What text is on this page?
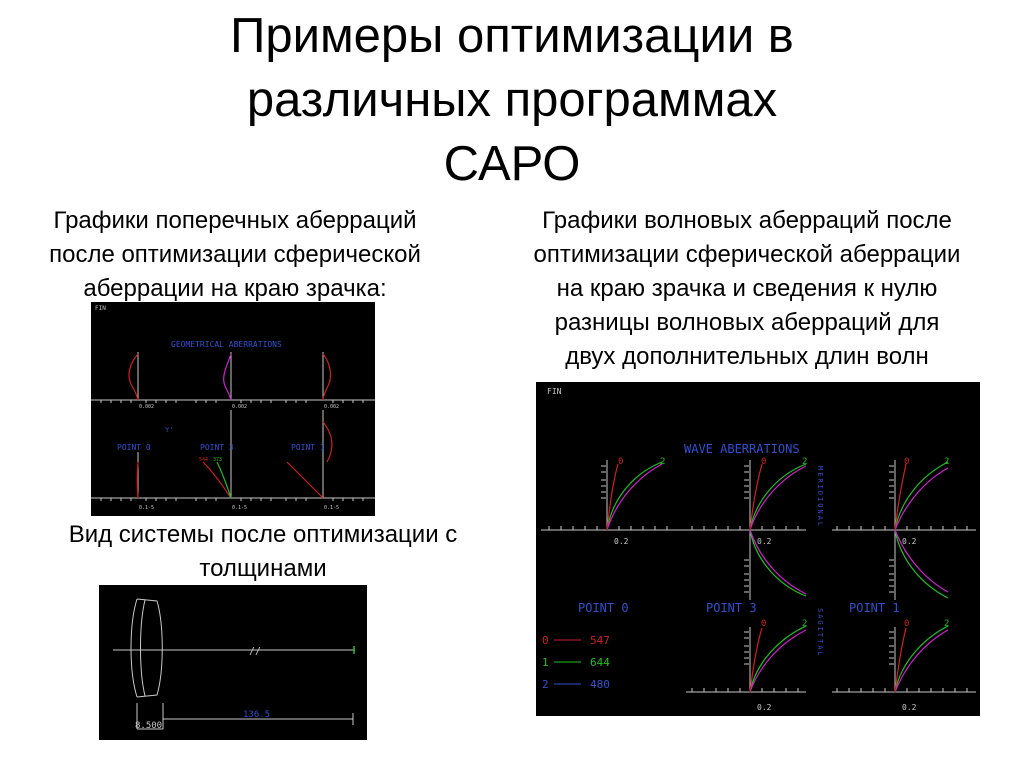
Примеры оптимизации в
различных программах
САРО
Графики поперечных аберраций
после оптимизации сферической
аберрации на краю зрачка:
Графики волновых аберраций после
оптимизации сферической аберрации
на краю зрачка и сведения к нулю
разницы волновых аберраций для
двух дополнительных длин волн
Вид системы после оптимизации с
толщинами
FIN
GEOMETRICAL ABERRATIONS
0.002	0.002	0.002
Y'
POINT 0	POINT 3	POINT 1
544 373
0.1-5	0.1-5	0.1-5
FIN
WAVE ABERRATIONS
MERIDIONAL
SAGITTAL
0	2	0	2	0	2
0	2	0	2
0.2	0.2	0.2
0.2	0.2
POINT 0	POINT 3	POINT 1
0	547
1	644
2	480
//
8.500
136.5
